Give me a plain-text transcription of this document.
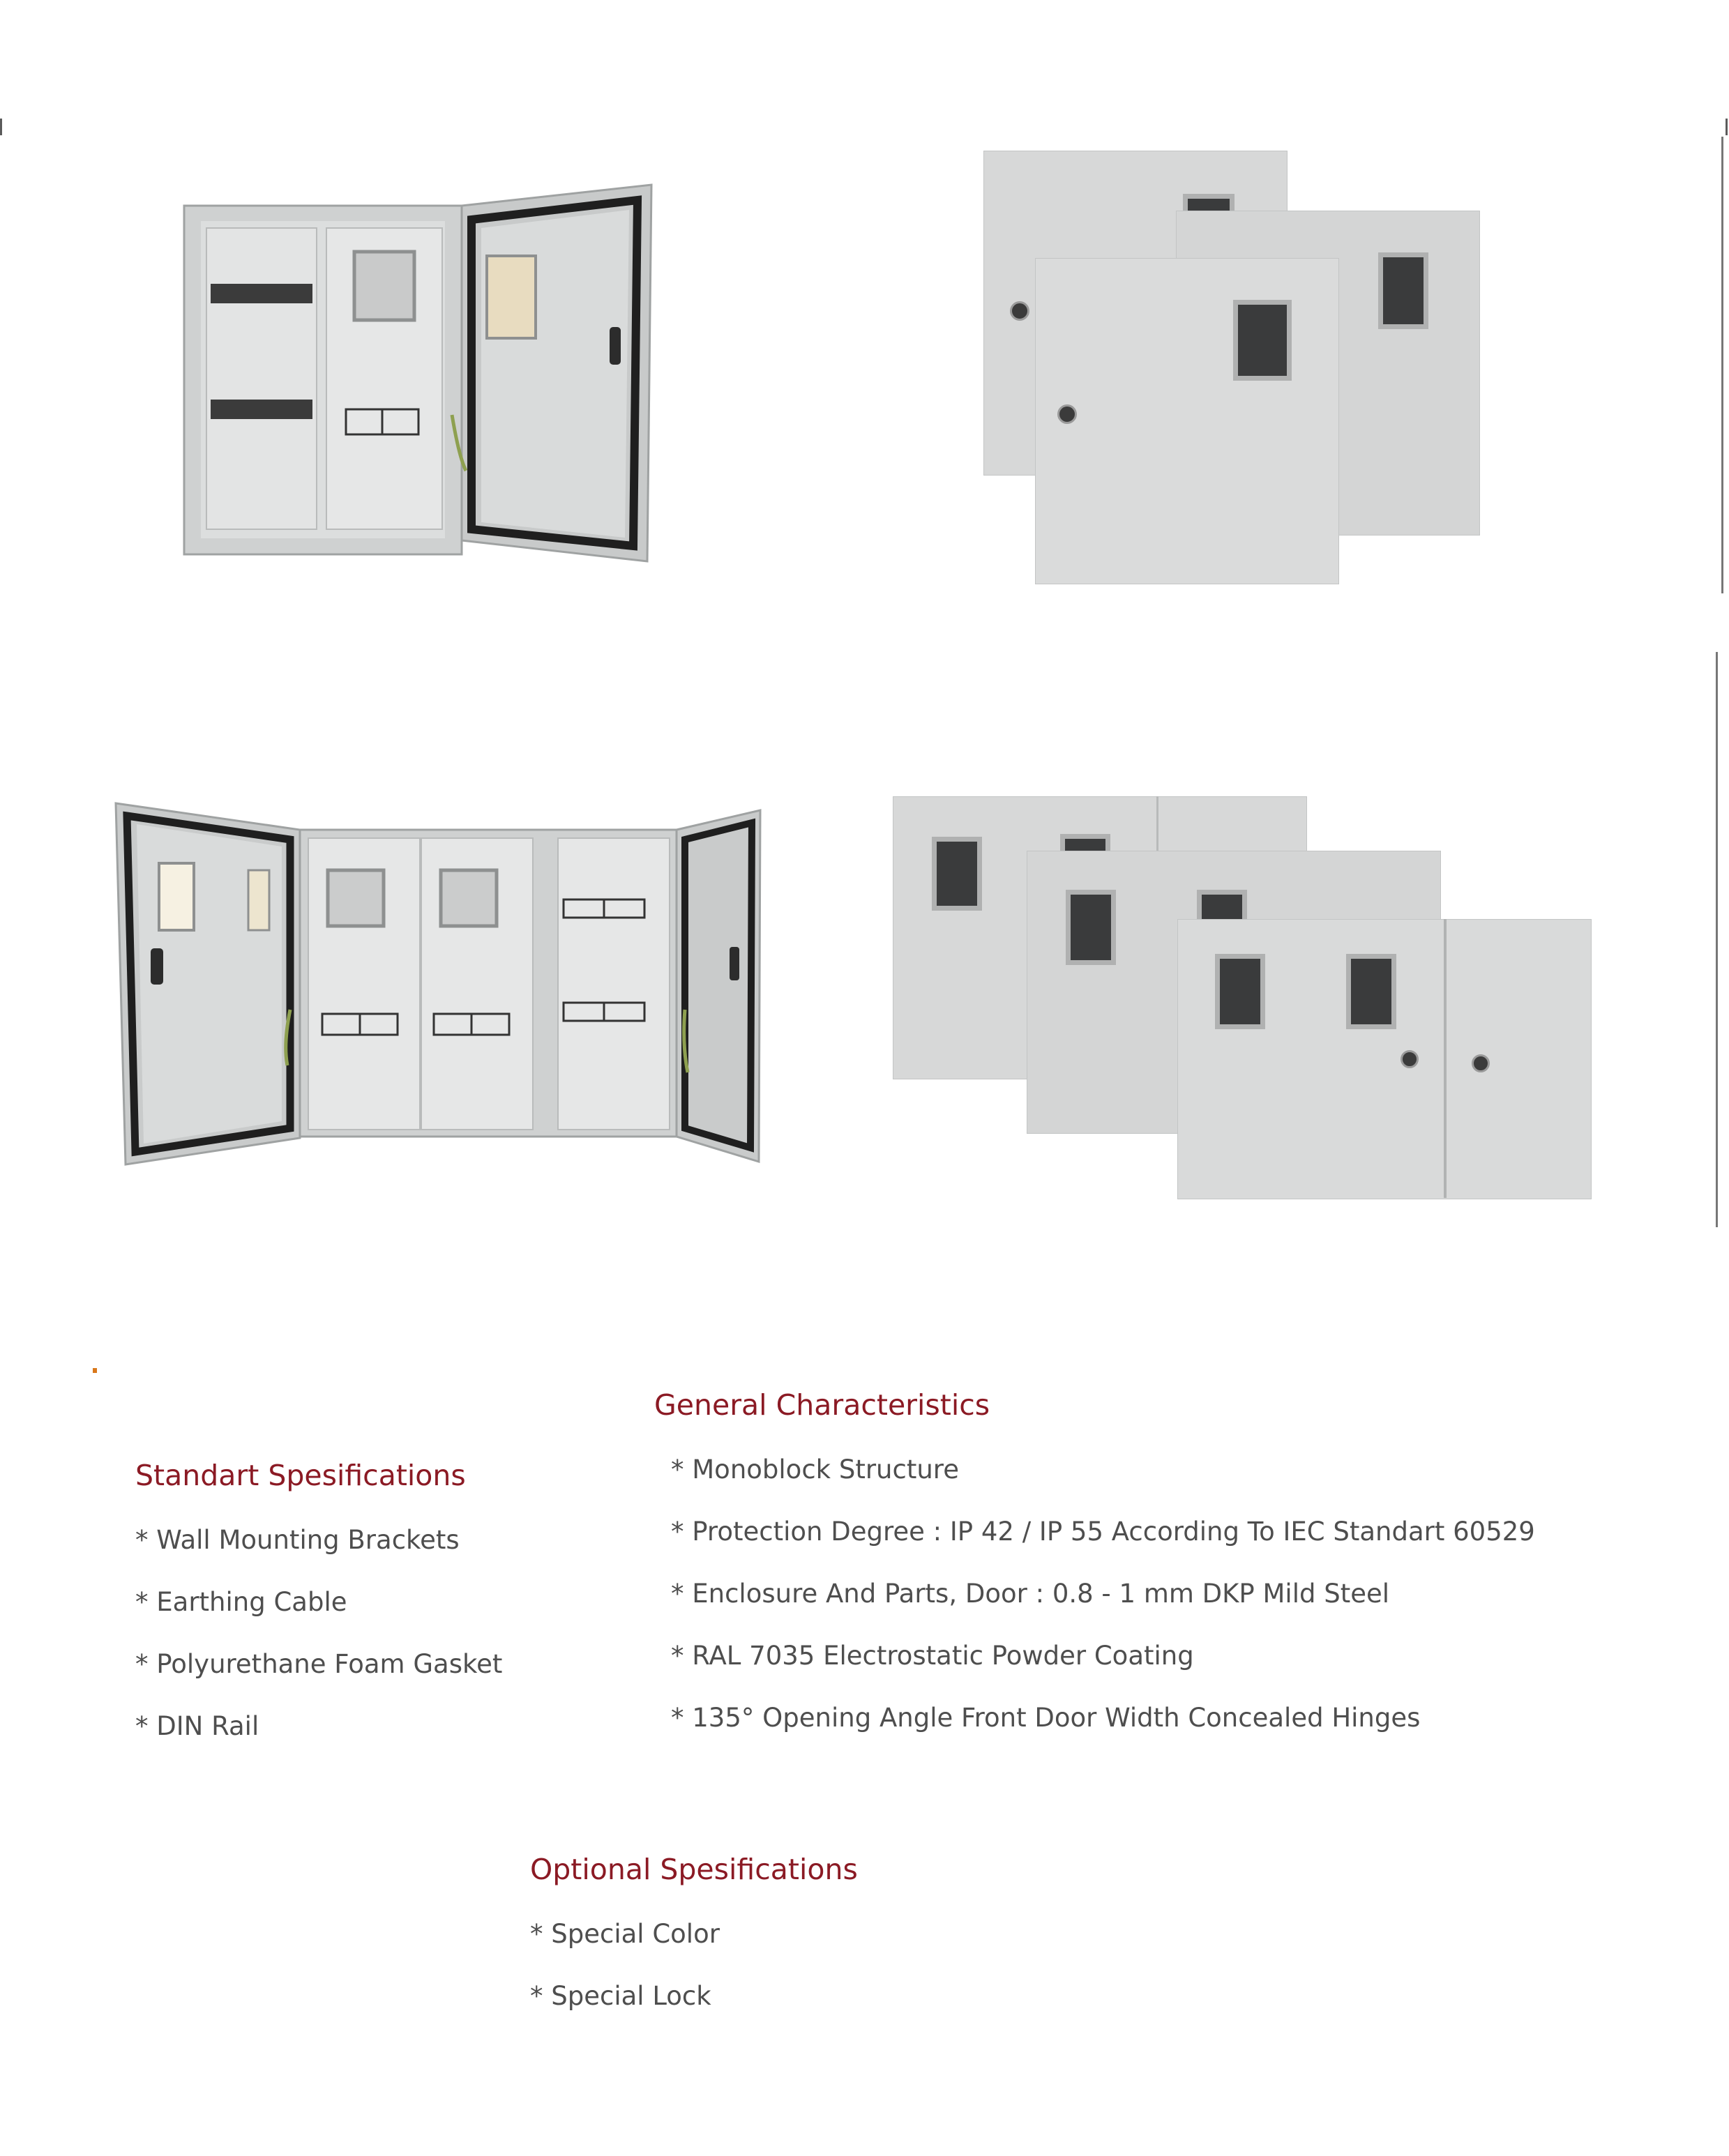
General Characteristics
* Monoblock Structure
* Protection Degree : IP 42 / IP 55 According To IEC Standart 60529
* Enclosure And Parts, Door : 0.8 - 1 mm DKP Mild Steel
* RAL 7035 Electrostatic Powder Coating
* 135° Opening Angle Front Door Width Concealed Hinges
Standart Spesifications
* Wall Mounting Brackets
* Earthing Cable
* Polyurethane Foam Gasket
* DIN Rail
Optional Spesifications
* Special Color
* Special Lock
